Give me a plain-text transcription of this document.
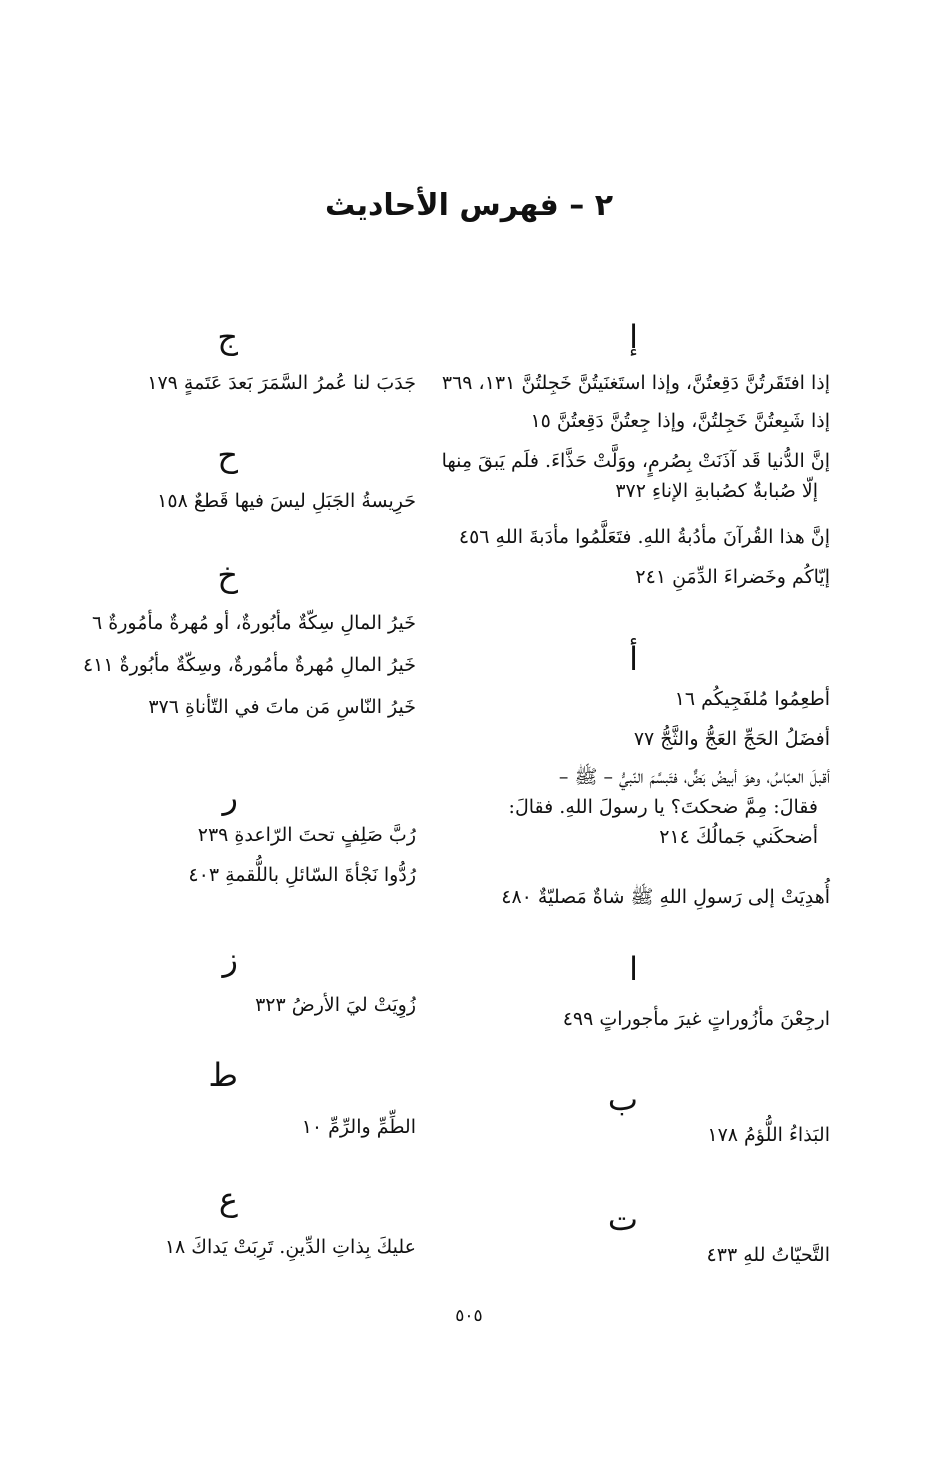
٢ – فهرس الأحاديث
إ
إذا افتَقَرتُنَّ دَقِعتُنَّ، وإذا استَغنَيتُنَّ خَجِلتُنَّ ١٣١، ٣٦٩
إذا شَبِعتُنَّ خَجِلتُنَّ، وإذا جِعتُنَّ دَقِعتُنَّ ١٥
إنَّ الدُّنيا قَد آذَنَتْ بِصُرمٍ، ووَلَّتْ حَذَّاءَ. فلَم يَبقَ مِنها
إلّا صُبابةٌ كصُبابةِ الإناءِ ٣٧٢
إنَّ هذا القُرآنَ مأدُبةُ اللهِ. فتَعَلَّمُوا مأدَبةَ اللهِ ٤٥٦
إيّاكُم وخَضراءَ الدِّمَنِ ٢٤١
أ
أطعِمُوا مُلفَجِيكُم ١٦
أفضَلُ الحَجِّ العَجُّ والثَّجُّ ٧٧
أقبلَ العبّاسُ، وهوَ أبيضُ بَضٌّ، فتَبسَّمَ النّبيُّ – ﷺ –
فقالَ: مِمَّ ضحكتَ؟ يا رسولَ اللهِ. فقالَ:
أضحكَني جَمالُكَ ٢١٤
أُهدِيَتْ إلى رَسولِ اللهِ ﷺ شاةٌ مَصليّةٌ ٤٨٠
ا
ارجِعْنَ مأزُوراتٍ غيرَ مأجوراتٍ ٤٩٩
ب
البَذاءُ اللُّؤمُ ١٧٨
ت
التَّحيّاتُ للهِ ٤٣٣
ج
جَدَبَ لنا عُمرُ السَّمَرَ بَعدَ عَتَمةٍ ١٧٩
ح
حَرِيسةُ الجَبَلِ ليسَ فيها قَطعٌ ١٥٨
خ
خَيرُ المالِ سِكّةٌ مأبُورةٌ، أو مُهرةٌ مأمُورةٌ ٦
خَيرُ المالِ مُهرةٌ مأمُورةٌ، وسِكّةٌ مأبُورةٌ ٤١١
خَيرُ النّاسِ مَن ماتَ في التّأناةِ ٣٧٦
ر
رُبَّ صَلِفٍ تحتَ الرّاعدةِ ٢٣٩
رُدُّوا نَجْأةَ السّائلِ باللُّقمةِ ٤٠٣
ز
زُوِيَتْ ليَ الأرضُ ٣٢٣
ط
الطِّمِّ والرِّمِّ ١٠
ع
عليكَ بِذاتِ الدِّينِ. تَرِبَتْ يَداكَ ١٨
٥٠٥
